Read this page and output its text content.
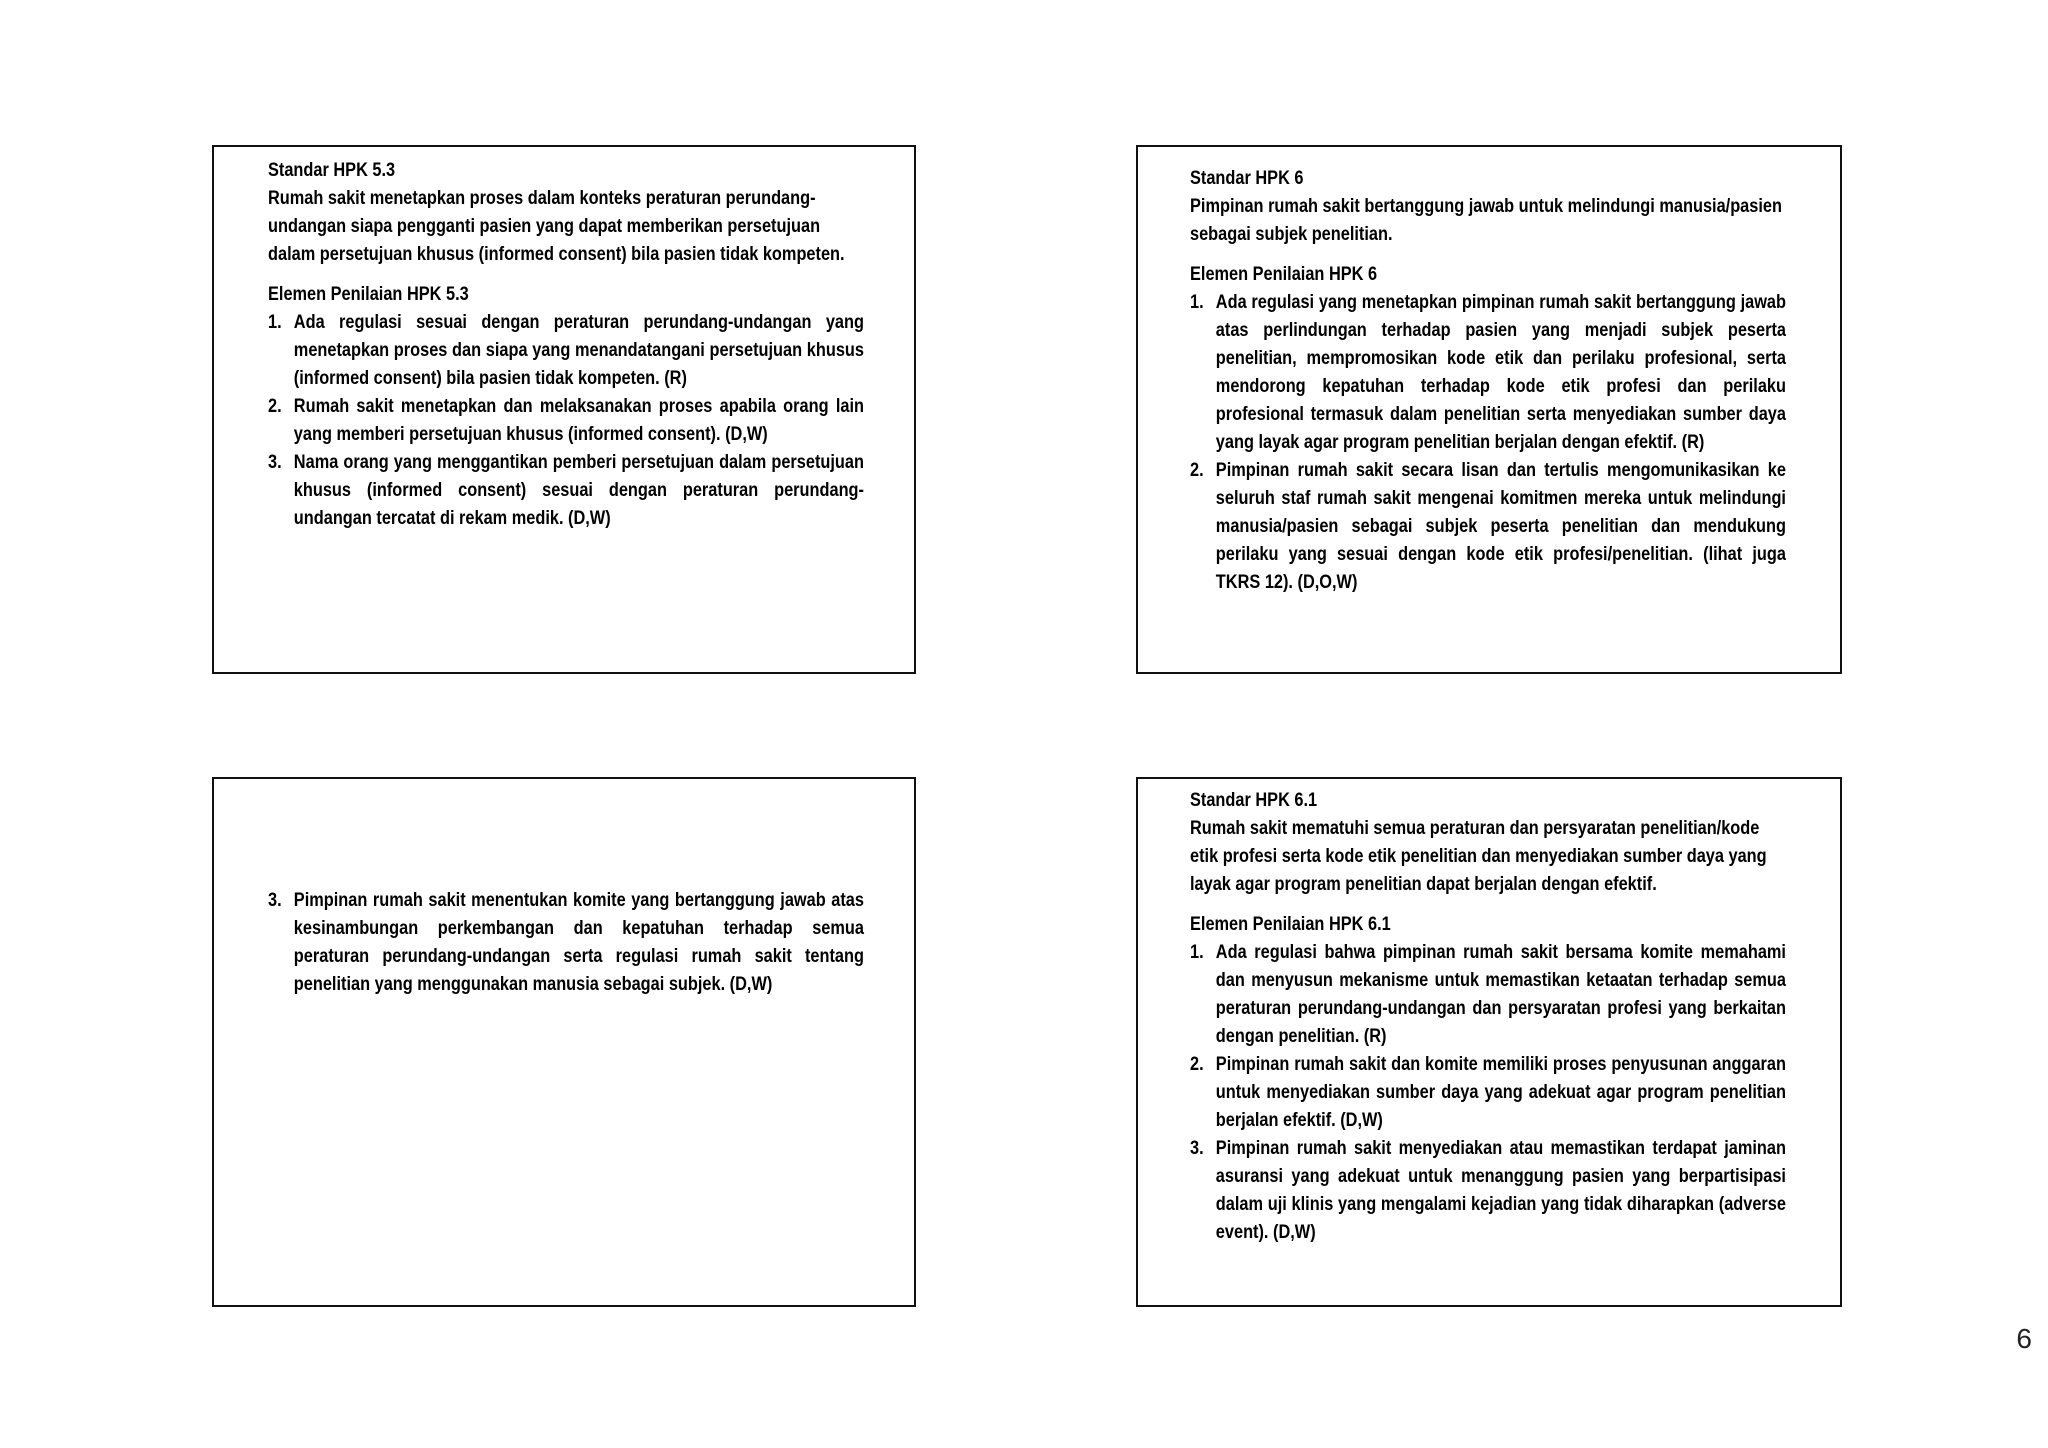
Standar HPK 5.3
Rumah sakit menetapkan proses dalam konteks peraturan perundang-undangan siapa pengganti pasien yang dapat memberikan persetujuan dalam persetujuan khusus (informed consent) bila pasien tidak kompeten.
Elemen Penilaian HPK 5.3
1. Ada regulasi sesuai dengan peraturan perundang-undangan yang menetapkan proses dan siapa yang menandatangani persetujuan khusus (informed consent) bila pasien tidak kompeten. (R)
2. Rumah sakit menetapkan dan melaksanakan proses apabila orang lain yang memberi persetujuan khusus (informed consent). (D,W)
3. Nama orang yang menggantikan pemberi persetujuan dalam persetujuan khusus (informed consent) sesuai dengan peraturan perundang-undangan tercatat di rekam medik. (D,W)
Standar HPK 6
Pimpinan rumah sakit bertanggung jawab untuk melindungi manusia/pasien sebagai subjek penelitian.
Elemen Penilaian HPK 6
1. Ada regulasi yang menetapkan pimpinan rumah sakit bertanggung jawab atas perlindungan terhadap pasien yang menjadi subjek peserta penelitian, mempromosikan kode etik dan perilaku profesional, serta mendorong kepatuhan terhadap kode etik profesi dan perilaku profesional termasuk dalam penelitian serta menyediakan sumber daya yang layak agar program penelitian berjalan dengan efektif. (R)
2. Pimpinan rumah sakit secara lisan dan tertulis mengomunikasikan ke seluruh staf rumah sakit mengenai komitmen mereka untuk melindungi manusia/pasien sebagai subjek peserta penelitian dan mendukung perilaku yang sesuai dengan kode etik profesi/penelitian. (lihat juga TKRS 12). (D,O,W)
3. Pimpinan rumah sakit menentukan komite yang bertanggung jawab atas kesinambungan perkembangan dan kepatuhan terhadap semua peraturan perundang-undangan serta regulasi rumah sakit tentang penelitian yang menggunakan manusia sebagai subjek. (D,W)
Standar HPK 6.1
Rumah sakit mematuhi semua peraturan dan persyaratan penelitian/kode etik profesi serta kode etik penelitian dan menyediakan sumber daya yang layak agar program penelitian dapat berjalan dengan efektif.
Elemen Penilaian HPK 6.1
1. Ada regulasi bahwa pimpinan rumah sakit bersama komite memahami dan menyusun mekanisme untuk memastikan ketaatan terhadap semua peraturan perundang-undangan dan persyaratan profesi yang berkaitan dengan penelitian. (R)
2. Pimpinan rumah sakit dan komite memiliki proses penyusunan anggaran untuk menyediakan sumber daya yang adekuat agar program penelitian berjalan efektif. (D,W)
3. Pimpinan rumah sakit menyediakan atau memastikan terdapat jaminan asuransi yang adekuat untuk menanggung pasien yang berpartisipasi dalam uji klinis yang mengalami kejadian yang tidak diharapkan (adverse event). (D,W)
6
